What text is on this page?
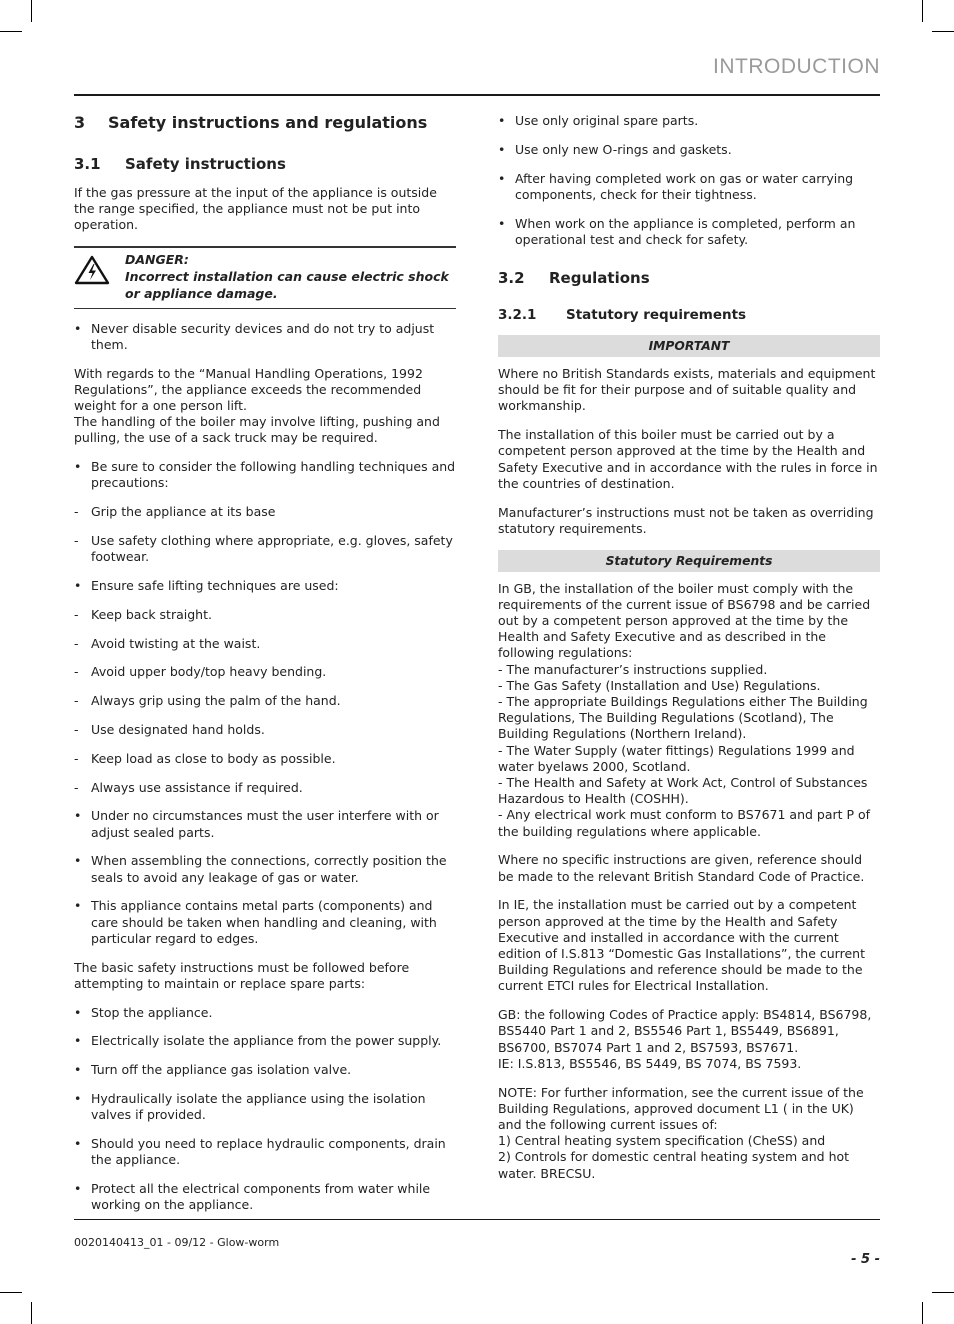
INTRODUCTION
3 Safety instructions and regulations
3.1 Safety instructions

If the gas pressure at the input of the appliance is outside the range specified, the appliance must not be put into operation.

DANGER:
Incorrect installation can cause electric shock or appliance damage.
• Never disable security devices and do not try to adjust them.

With regards to the “Manual Handling Operations, 1992 Regulations”, the appliance exceeds the recommended weight for a one person lift.
The handling of the boiler may involve lifting, pushing and pulling, the use of a sack truck may be required.

• Be sure to consider the following handling techniques and precautions:
- Grip the appliance at its base
- Use safety clothing where appropriate, e.g. gloves, safety footwear.
• Ensure safe lifting techniques are used:
- Keep back straight.
- Avoid twisting at the waist.
- Avoid upper body/top heavy bending.
- Always grip using the palm of the hand.
- Use designated hand holds.
- Keep load as close to body as possible.
- Always use assistance if required.
• Under no circumstances must the user interfere with or adjust sealed parts.
• When assembling the connections, correctly position the seals to avoid any leakage of gas or water.
• This appliance contains metal parts (components) and care should be taken when handling and cleaning, with particular regard to edges.

The basic safety instructions must be followed before attempting to maintain or replace spare parts:

• Stop the appliance.
• Electrically isolate the appliance from the power supply.
• Turn off the appliance gas isolation valve.
• Hydraulically isolate the appliance using the isolation valves if provided.
• Should you need to replace hydraulic components, drain the appliance.
• Protect all the electrical components from water while working on the appliance.
• Use only original spare parts.
• Use only new O-rings and gaskets.
• After having completed work on gas or water carrying components, check for their tightness.
• When work on the appliance is completed, perform an operational test and check for safety.
3.2 Regulations
3.2.1 Statutory requirements
IMPORTANT

Where no British Standards exists, materials and equipment should be fit for their purpose and of suitable quality and workmanship.

The installation of this boiler must be carried out by a competent person approved at the time by the Health and Safety Executive and in accordance with the rules in force in the countries of destination.

Manufacturer’s instructions must not be taken as overriding statutory requirements.

Statutory Requirements

In GB, the installation of the boiler must comply with the requirements of the current issue of BS6798 and be carried out by a competent person approved at the time by the Health and Safety Executive and as described in the following regulations:
- The manufacturer’s instructions supplied.
- The Gas Safety (Installation and Use) Regulations.
- The appropriate Buildings Regulations either The Building Regulations, The Building Regulations (Scotland), The Building Regulations (Northern Ireland).
- The Water Supply (water fittings) Regulations 1999 and water byelaws 2000, Scotland.
- The Health and Safety at Work Act, Control of Substances Hazardous to Health (COSHH).
- Any electrical work must conform to BS7671 and part P of the building regulations where applicable.

Where no specific instructions are given, reference should be made to the relevant British Standard Code of Practice.

In IE, the installation must be carried out by a competent person approved at the time by the Health and Safety Executive and installed in accordance with the current edition of I.S.813 “Domestic Gas Installations”, the current Building Regulations and reference should be made to the current ETCI rules for Electrical Installation.

GB: the following Codes of Practice apply: BS4814, BS6798, BS5440 Part 1 and 2, BS5546 Part 1, BS5449, BS6891, BS6700, BS7074 Part 1 and 2, BS7593, BS7671.
IE: I.S.813, BS5546, BS 5449, BS 7074, BS 7593.

NOTE: For further information, see the current issue of the Building Regulations, approved document L1 ( in the UK) and the following current issues of:
1) Central heating system specification (CheSS) and
2) Controls for domestic central heating system and hot water. BRECSU.

0020140413_01 - 09/12 - Glow-worm
- 5 -
